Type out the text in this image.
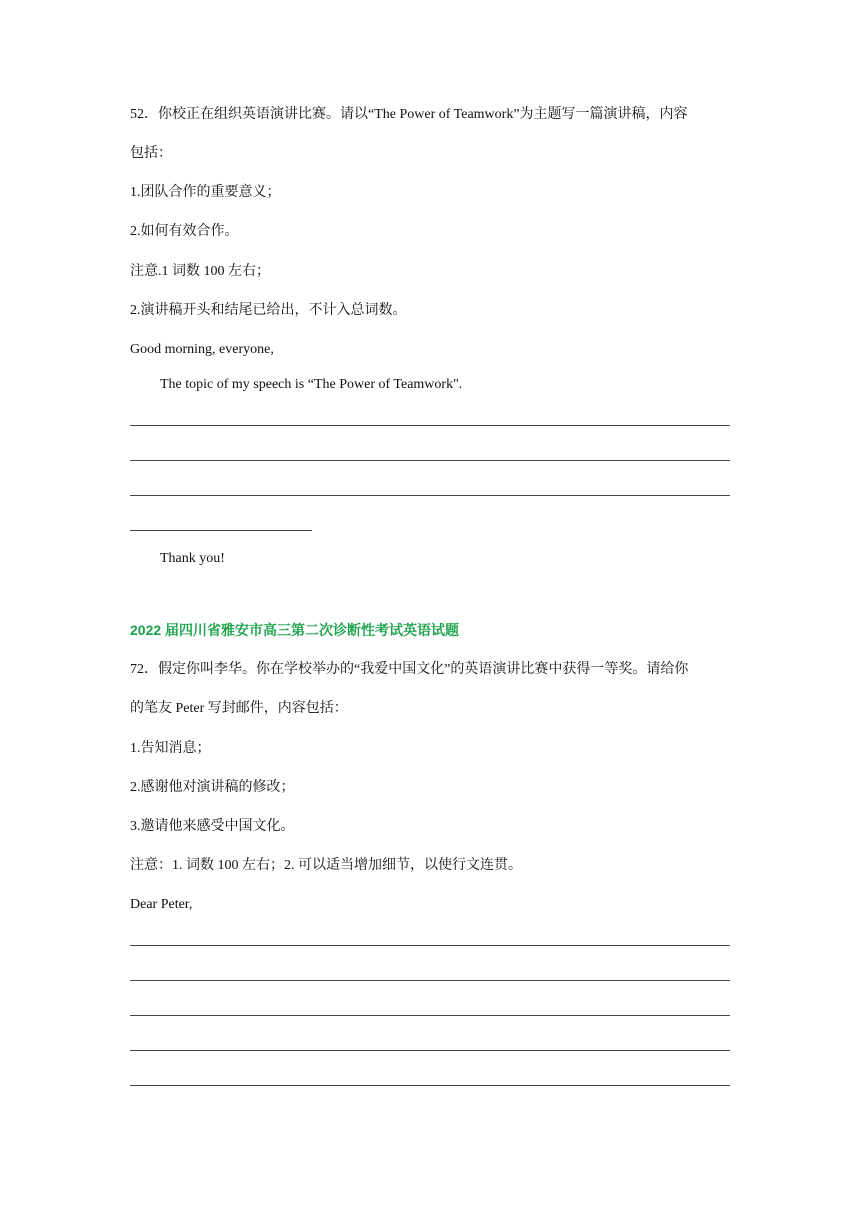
52．你校正在组织英语演讲比赛。请以“The Power of Teamwork”为主题写一篇演讲稿，内容
包括：
1.团队合作的重要意义；
2.如何有效合作。
注意.1 词数 100 左右；
2.演讲稿开头和结尾已给出，不计入总词数。
Good morning, everyone,
The topic of my speech is “The Power of Teamwork".
Thank you!
2022 届四川省雅安市高三第二次诊断性考试英语试题
72．假定你叫李华。你在学校举办的“我爱中国文化”的英语演讲比赛中获得一等奖。请给你
的笔友 Peter 写封邮件，内容包括：
1.告知消息；
2.感谢他对演讲稿的修改；
3.邀请他来感受中国文化。
注意：1. 词数 100 左右；2. 可以适当增加细节，以使行文连贯。
Dear Peter,
